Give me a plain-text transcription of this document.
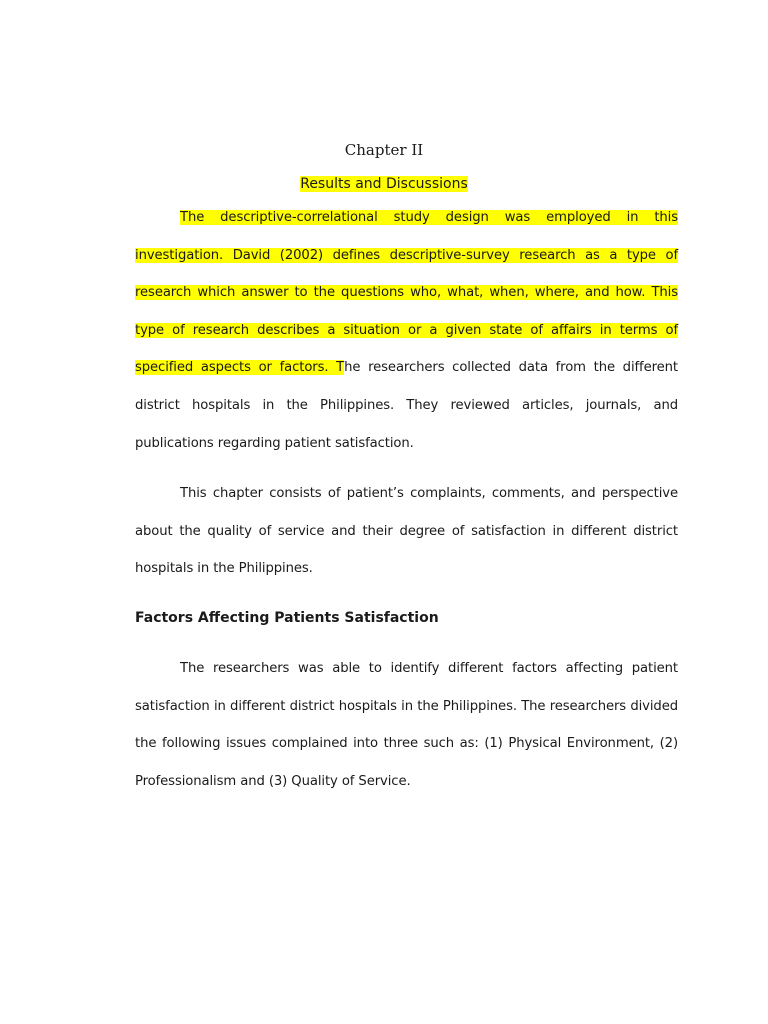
Chapter II
Results and Discussions

The descriptive-correlational study design was employed in this investigation. David (2002) defines descriptive-survey research as a type of research which answer to the questions who, what, when, where, and how. This type of research describes a situation or a given state of affairs in terms of specified aspects or factors. The researchers collected data from the different district hospitals in the Philippines. They reviewed articles, journals, and publications regarding patient satisfaction.

This chapter consists of patient’s complaints, comments, and perspective about the quality of service and their degree of satisfaction in different district hospitals in the Philippines.

Factors Affecting Patients Satisfaction

The researchers was able to identify different factors affecting patient satisfaction in different district hospitals in the Philippines. The researchers divided the following issues complained into three such as: (1) Physical Environment, (2) Professionalism and (3) Quality of Service.
